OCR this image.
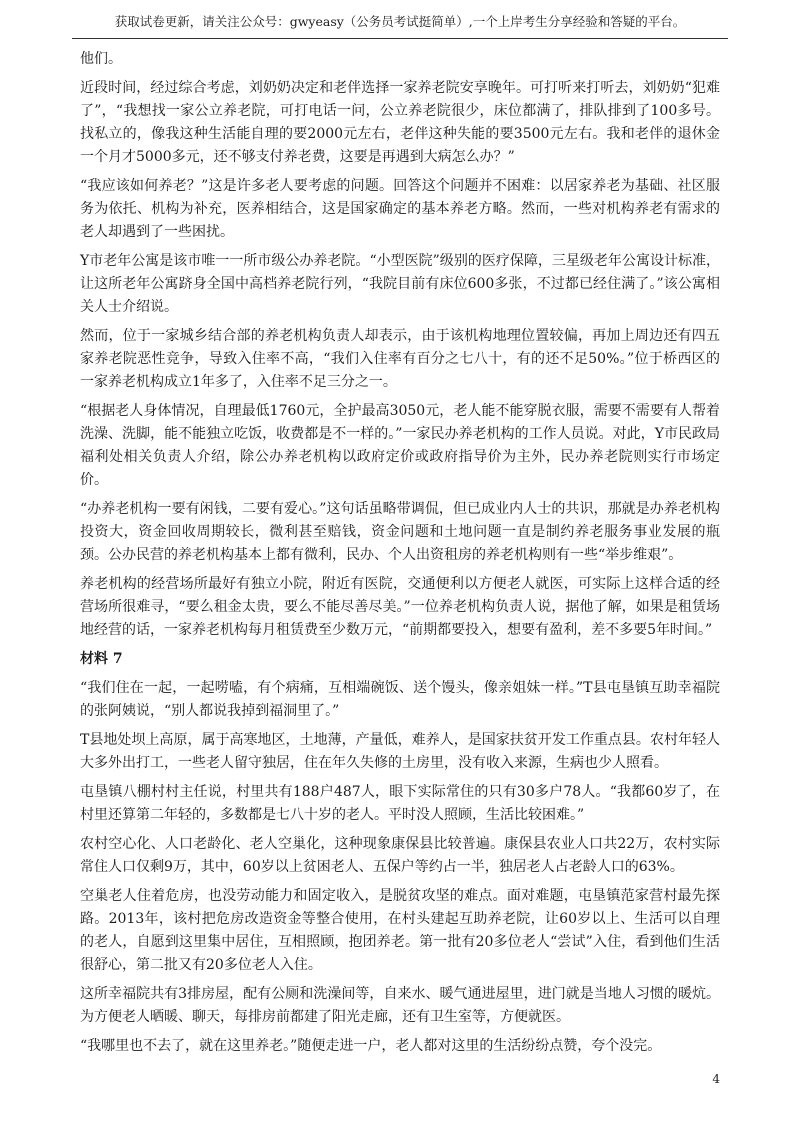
获取试卷更新，请关注公众号：gwyeasy（公务员考试挺简单）,一个上岸考生分享经验和答疑的平台。

他们。

近段时间，经过综合考虑，刘奶奶决定和老伴选择一家养老院安享晚年。可打听来打听去，刘奶奶“犯难了”，“我想找一家公立养老院，可打电话一问，公立养老院很少，床位都满了，排队排到了100多号。找私立的，像我这种生活能自理的要2000元左右，老伴这种失能的要3500元左右。我和老伴的退休金一个月才5000多元，还不够支付养老费，这要是再遇到大病怎么办？”

“我应该如何养老？”这是许多老人要考虑的问题。回答这个问题并不困难：以居家养老为基础、社区服务为依托、机构为补充，医养相结合，这是国家确定的基本养老方略。然而，一些对机构养老有需求的老人却遇到了一些困扰。

Y市老年公寓是该市唯一一所市级公办养老院。“小型医院”级别的医疗保障，三星级老年公寓设计标准，让这所老年公寓跻身全国中高档养老院行列，“我院目前有床位600多张，不过都已经住满了。”该公寓相关人士介绍说。

然而，位于一家城乡结合部的养老机构负责人却表示，由于该机构地理位置较偏，再加上周边还有四五家养老院恶性竞争，导致入住率不高，“我们入住率有百分之七八十，有的还不足50%。”位于桥西区的一家养老机构成立1年多了，入住率不足三分之一。

“根据老人身体情况，自理最低1760元，全护最高3050元，老人能不能穿脱衣服，需要不需要有人帮着洗澡、洗脚，能不能独立吃饭，收费都是不一样的。”一家民办养老机构的工作人员说。对此，Y市民政局福利处相关负责人介绍，除公办养老机构以政府定价或政府指导价为主外，民办养老院则实行市场定价。

“办养老机构一要有闲钱，二要有爱心。”这句话虽略带调侃，但已成业内人士的共识，那就是办养老机构投资大，资金回收周期较长，微利甚至赔钱，资金问题和土地问题一直是制约养老服务事业发展的瓶颈。公办民营的养老机构基本上都有微利，民办、个人出资租房的养老机构则有一些“举步维艰”。

养老机构的经营场所最好有独立小院，附近有医院，交通便利以方便老人就医，可实际上这样合适的经营场所很难寻，“要么租金太贵，要么不能尽善尽美。”一位养老机构负责人说，据他了解，如果是租赁场地经营的话，一家养老机构每月租赁费至少数万元，“前期都要投入，想要有盈利，差不多要5年时间。”

材料 7

“我们住在一起，一起唠嗑，有个病痛，互相端碗饭、送个馒头，像亲姐妹一样。”T县屯垦镇互助幸福院的张阿姨说，“别人都说我掉到福洞里了。”

T县地处坝上高原，属于高寒地区，土地薄，产量低，难养人，是国家扶贫开发工作重点县。农村年轻人大多外出打工，一些老人留守独居，住在年久失修的土房里，没有收入来源，生病也少人照看。

屯垦镇八棚村村主任说，村里共有188户487人，眼下实际常住的只有30多户78人。“我都60岁了，在村里还算第二年轻的，多数都是七八十岁的老人。平时没人照顾，生活比较困难。”

农村空心化、人口老龄化、老人空巢化，这种现象康保县比较普遍。康保县农业人口共22万，农村实际常住人口仅剩9万，其中，60岁以上贫困老人、五保户等约占一半，独居老人占老龄人口的63%。

空巢老人住着危房，也没劳动能力和固定收入，是脱贫攻坚的难点。面对难题，屯垦镇范家营村最先探路。2013年，该村把危房改造资金等整合使用，在村头建起互助养老院，让60岁以上、生活可以自理的老人，自愿到这里集中居住，互相照顾，抱团养老。第一批有20多位老人“尝试”入住，看到他们生活很舒心，第二批又有20多位老人入住。

这所幸福院共有3排房屋，配有公厕和洗澡间等，自来水、暖气通进屋里，进门就是当地人习惯的暖炕。为方便老人晒暖、聊天，每排房前都建了阳光走廊，还有卫生室等，方便就医。

“我哪里也不去了，就在这里养老。”随便走进一户，老人都对这里的生活纷纷点赞，夸个没完。

4
